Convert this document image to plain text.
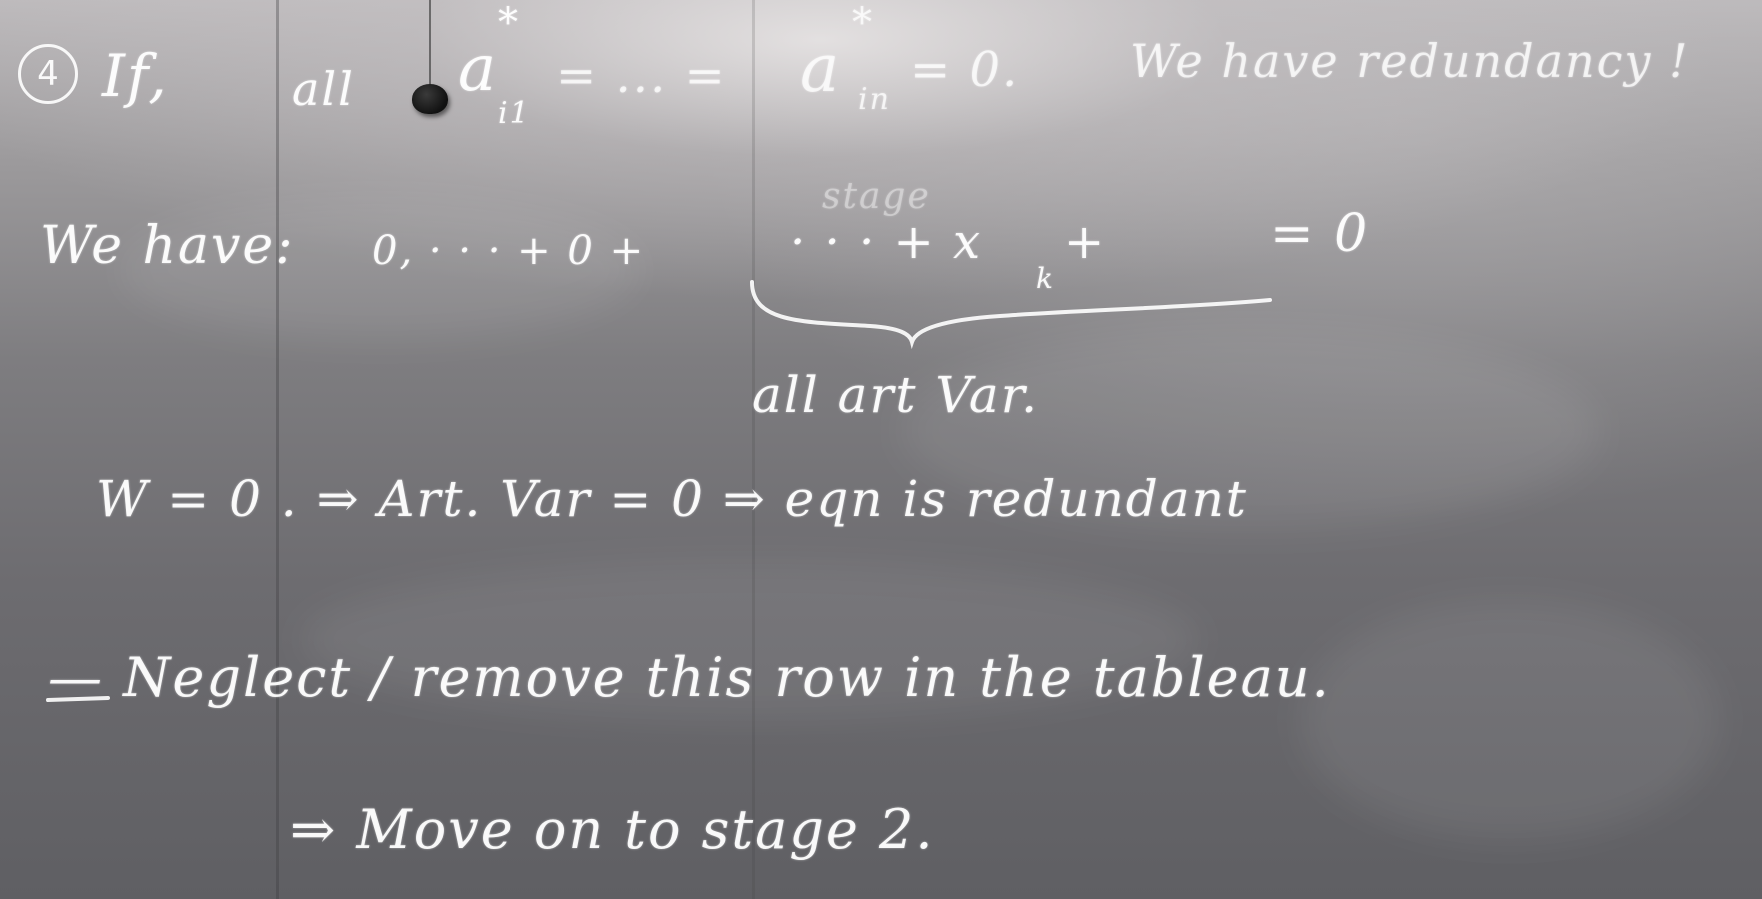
4 If,	all a
*
i1
= ... = a
*
in
= 0. We have redundancy !
We have: 0, · · · + 0 +
stage
· · · + x
k
+	= 0
all art Var.
W = 0 . ⇒ Art. Var = 0 ⇒ eqn is redundant
— Neglect / remove this row in the tableau.
⇒ Move on to stage 2.
